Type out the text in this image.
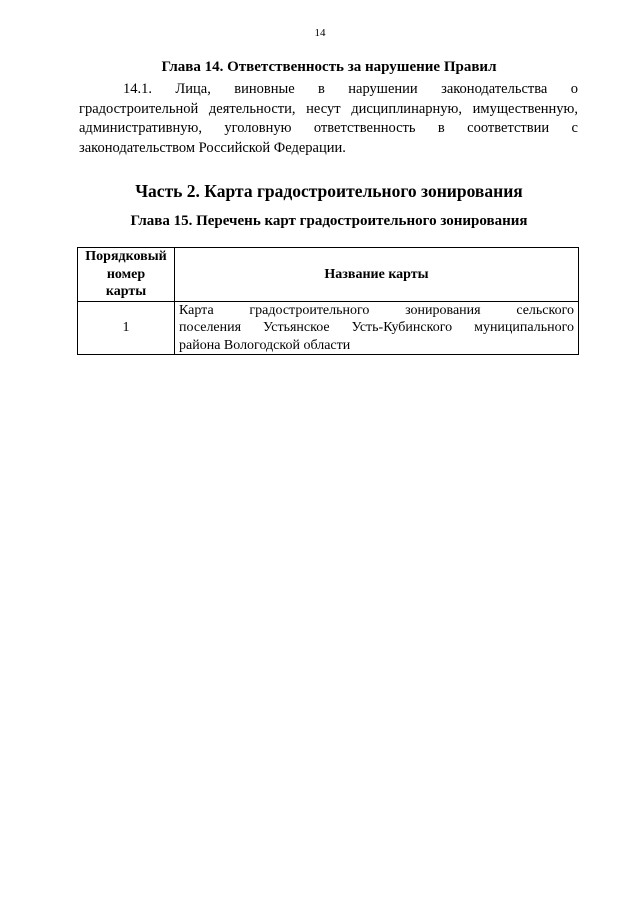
14
Глава 14. Ответственность за нарушение Правил

14.1. Лица, виновные в нарушении законодательства о градостроительной деятельности, несут дисциплинарную, имущественную, административную, уголовную ответственность в соответствии с законодательством Российской Федерации.

Часть 2. Карта градостроительного зонирования
Глава 15. Перечень карт градостроительного зонирования
Порядковый
номер
карты	Название карты
1	Карта градостроительного зонирования сельского
поселения Устьянское Усть-Кубинского муниципального
района Вологодской области
